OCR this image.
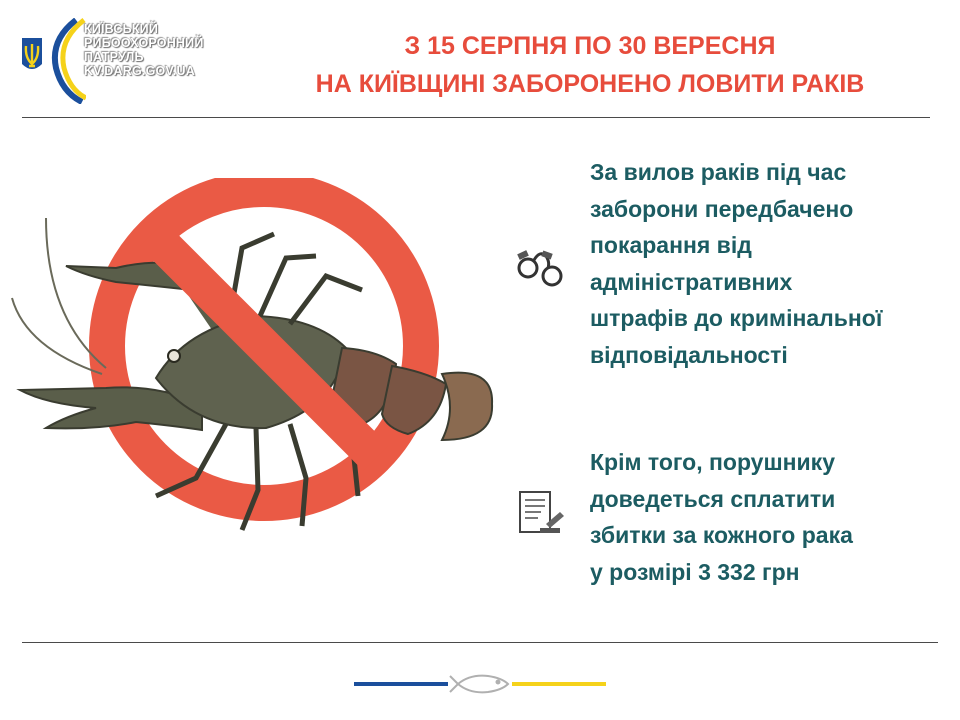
КИЇВСЬКИЙ
РИБООХОРОННИЙ
ПАТРУЛЬ
KV.DARG.GOV.UA
З 15 СЕРПНЯ ПО 30 ВЕРЕСНЯ
НА КИЇВЩИНІ ЗАБОРОНЕНО ЛОВИТИ РАКІВ

За вилов раків під час
заборони передбачено
покарання від
адміністративних
штрафів до кримінальної
відповідальності

Крім того, порушнику
доведеться сплатити
збитки за кожного рака
у розмірі 3 332 грн
